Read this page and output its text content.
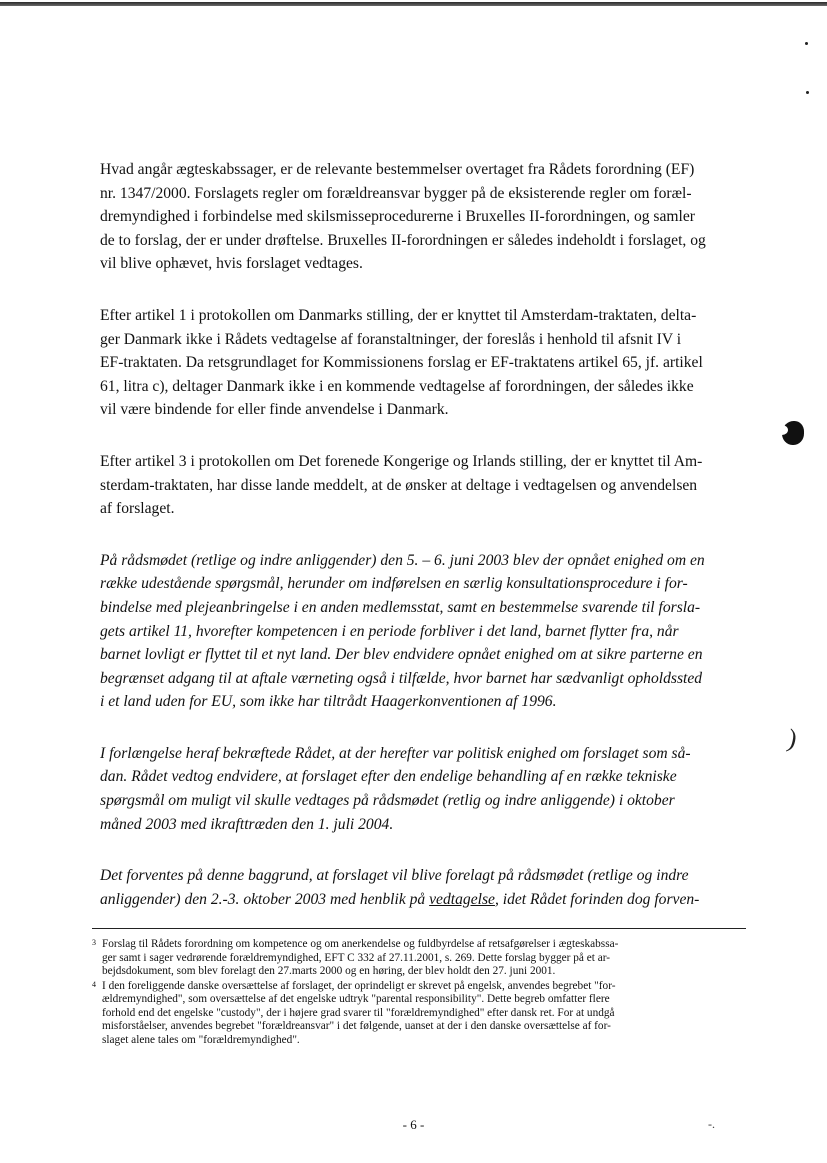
)

Hvad angår ægteskabssager, er de relevante bestemmelser overtaget fra Rådets forordning (EF)
nr. 1347/2000. Forslagets regler om forældreansvar bygger på de eksisterende regler om foræl-
dremyndighed i forbindelse med skilsmisseprocedurerne i Bruxelles II-forordningen, og samler
de to forslag, der er under drøftelse. Bruxelles II-forordningen er således indeholdt i forslaget, og
vil blive ophævet, hvis forslaget vedtages.

Efter artikel 1 i protokollen om Danmarks stilling, der er knyttet til Amsterdam-traktaten, delta-
ger Danmark ikke i Rådets vedtagelse af foranstaltninger, der foreslås i henhold til afsnit IV i
EF-traktaten. Da retsgrundlaget for Kommissionens forslag er EF-traktatens artikel 65, jf. artikel
61, litra c), deltager Danmark ikke i en kommende vedtagelse af forordningen, der således ikke
vil være bindende for eller finde anvendelse i Danmark.

Efter artikel 3 i protokollen om Det forenede Kongerige og Irlands stilling, der er knyttet til Am-
sterdam-traktaten, har disse lande meddelt, at de ønsker at deltage i vedtagelsen og anvendelsen
af forslaget.

På rådsmødet (retlige og indre anliggender) den 5. – 6. juni 2003 blev der opnået enighed om en
række udestående spørgsmål, herunder om indførelsen en særlig konsultationsprocedure i for-
bindelse med plejeanbringelse i en anden medlemsstat, samt en bestemmelse svarende til forsla-
gets artikel 11, hvorefter kompetencen i en periode forbliver i det land, barnet flytter fra, når
barnet lovligt er flyttet til et nyt land. Der blev endvidere opnået enighed om at sikre parterne en
begrænset adgang til at aftale værneting også i tilfælde, hvor barnet har sædvanligt opholdssted
i et land uden for EU, som ikke har tiltrådt Haagerkonventionen af 1996.

I forlængelse heraf bekræftede Rådet, at der herefter var politisk enighed om forslaget som så-
dan. Rådet vedtog endvidere, at forslaget efter den endelige behandling af en række tekniske
spørgsmål om muligt vil skulle vedtages på rådsmødet (retlig og indre anliggende) i oktober
måned 2003 med ikrafttræden den 1. juli 2004.

Det forventes på denne baggrund, at forslaget vil blive forelagt på rådsmødet (retlige og indre
anliggender) den 2.-3. oktober 2003 med henblik på vedtagelse, idet Rådet forinden dog forven-

3 Forslag til Rådets forordning om kompetence og om anerkendelse og fuldbyrdelse af retsafgørelser i ægteskabssa-
ger samt i sager vedrørende forældremyndighed, EFT C 332 af 27.11.2001, s. 269. Dette forslag bygger på et ar-
bejdsdokument, som blev forelagt den 27.marts 2000 og en høring, der blev holdt den 27. juni 2001.

4 I den foreliggende danske oversættelse af forslaget, der oprindeligt er skrevet på engelsk, anvendes begrebet "for-
ældremyndighed", som oversættelse af det engelske udtryk "parental responsibility". Dette begreb omfatter flere
forhold end det engelske "custody", der i højere grad svarer til "forældremyndighed" efter dansk ret. For at undgå
misforståelser, anvendes begrebet "forældreansvar" i det følgende, uanset at der i den danske oversættelse af for-
slaget alene tales om "forældremyndighed".

- 6 -	-.
